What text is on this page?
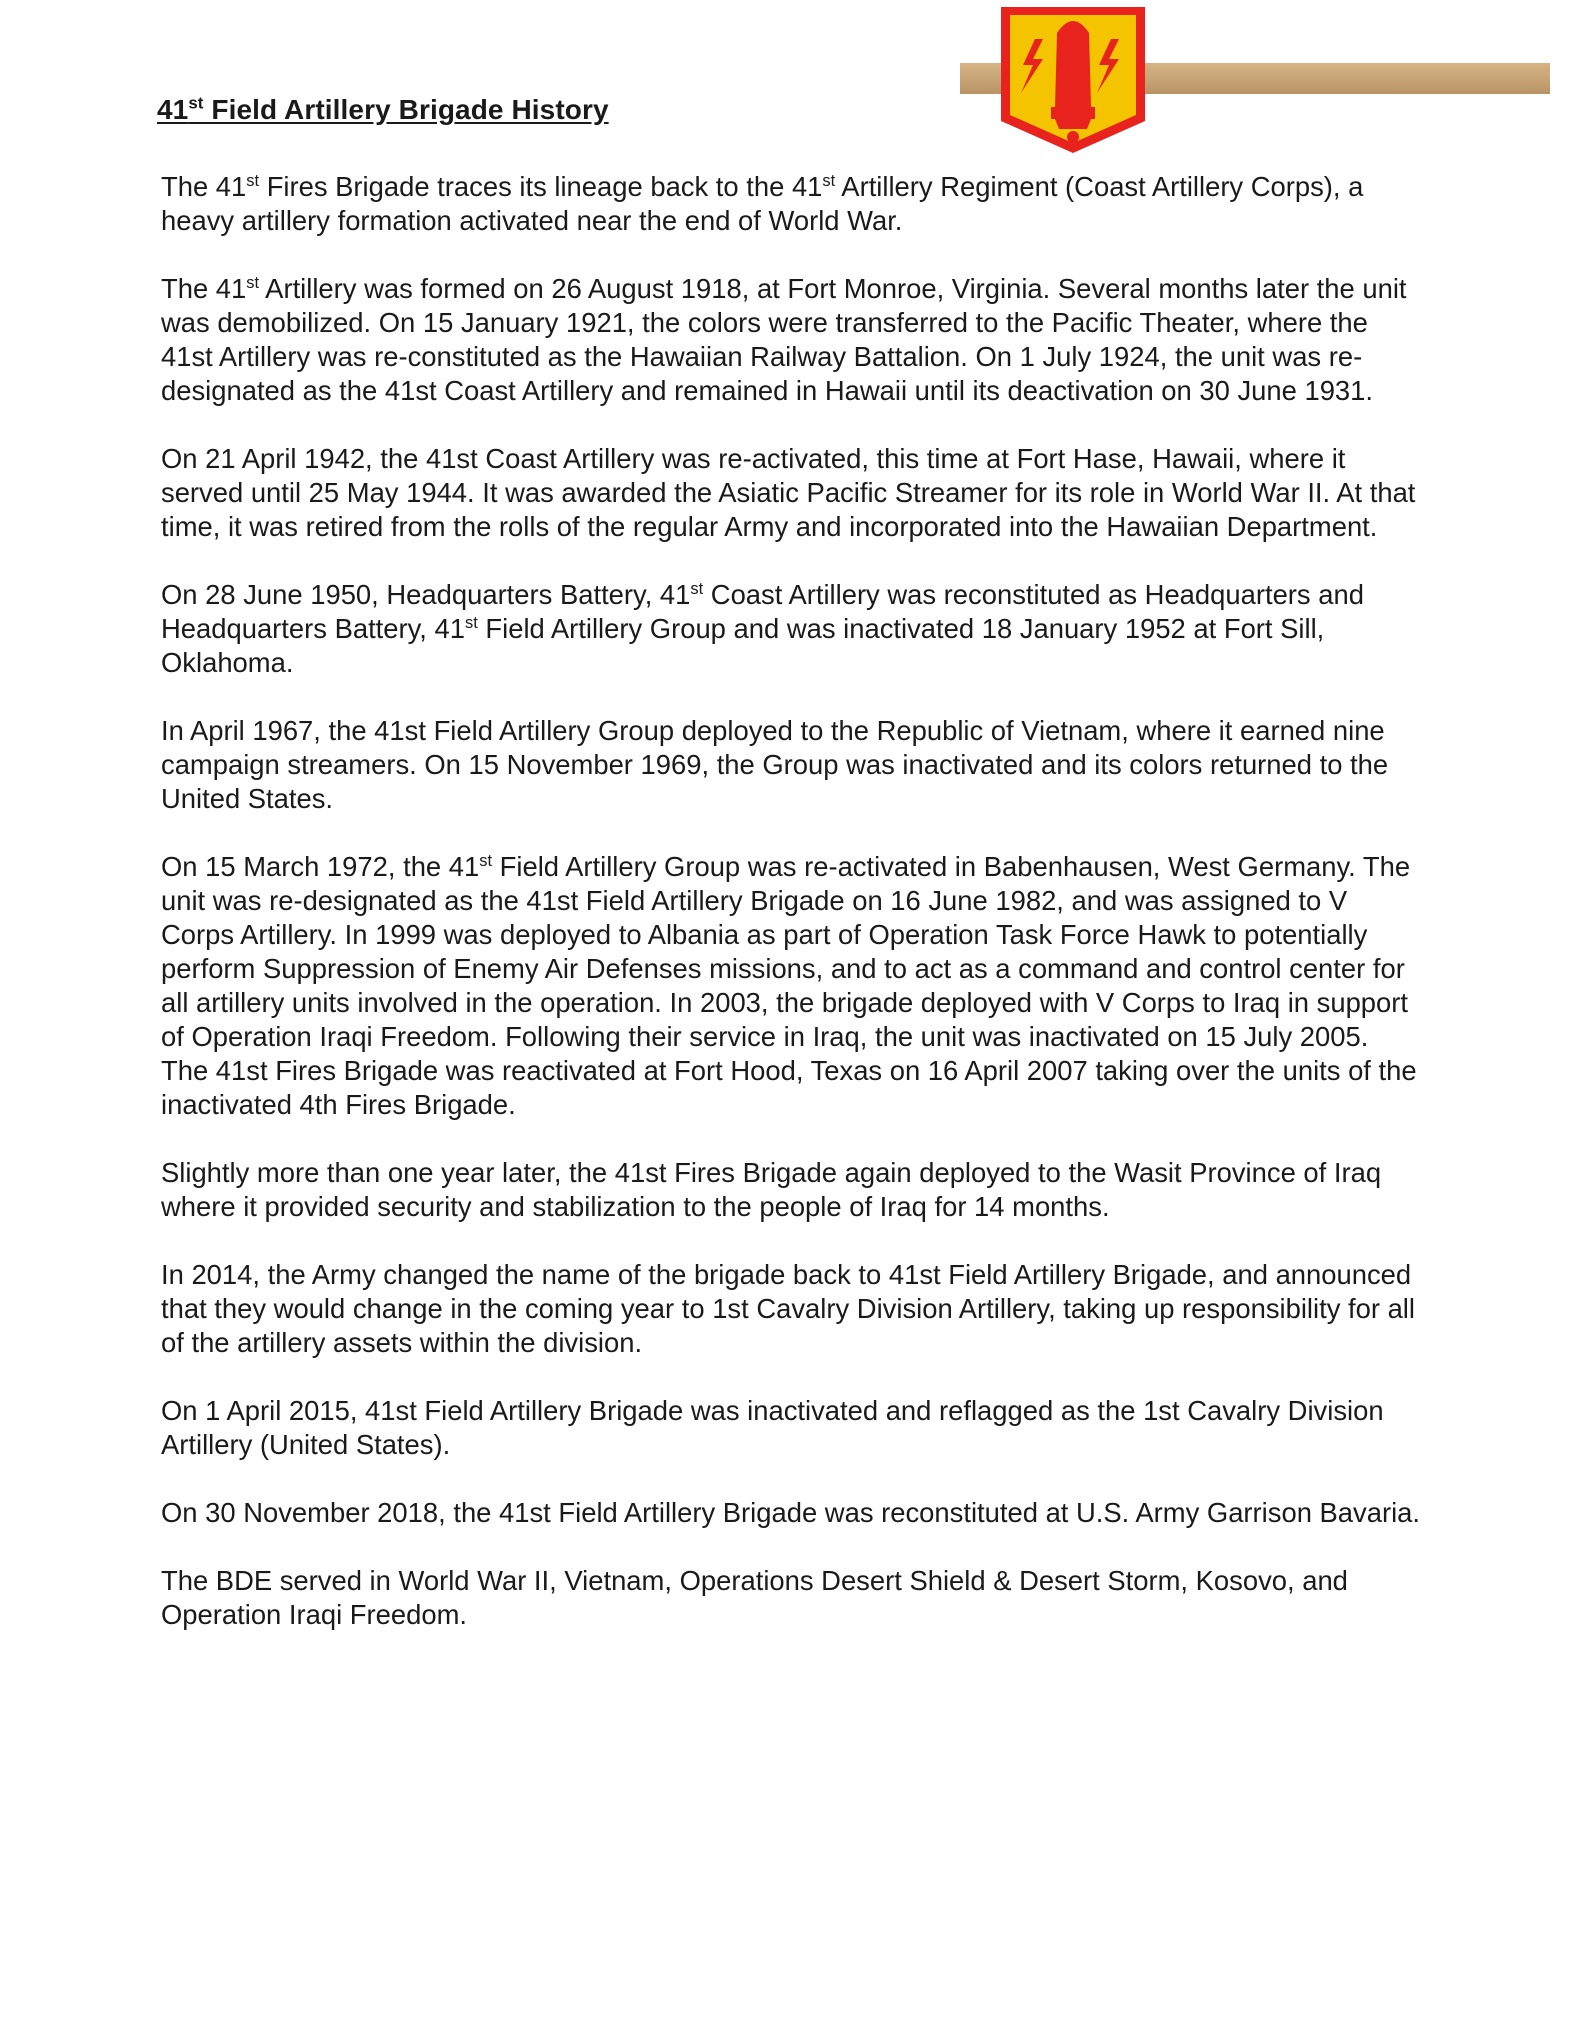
41st Field Artillery Brigade History

The 41st Fires Brigade traces its lineage back to the 41st Artillery Regiment (Coast Artillery Corps), a heavy artillery formation activated near the end of World War.

The 41st Artillery was formed on 26 August 1918, at Fort Monroe, Virginia. Several months later the unit was demobilized. On 15 January 1921, the colors were transferred to the Pacific Theater, where the 41st Artillery was re-constituted as the Hawaiian Railway Battalion. On 1 July 1924, the unit was re-designated as the 41st Coast Artillery and remained in Hawaii until its deactivation on 30 June 1931.

On 21 April 1942, the 41st Coast Artillery was re-activated, this time at Fort Hase, Hawaii, where it served until 25 May 1944. It was awarded the Asiatic Pacific Streamer for its role in World War II. At that time, it was retired from the rolls of the regular Army and incorporated into the Hawaiian Department.

On 28 June 1950, Headquarters Battery, 41st Coast Artillery was reconstituted as Headquarters and Headquarters Battery, 41st Field Artillery Group and was inactivated 18 January 1952 at Fort Sill, Oklahoma.

In April 1967, the 41st Field Artillery Group deployed to the Republic of Vietnam, where it earned nine campaign streamers. On 15 November 1969, the Group was inactivated and its colors returned to the United States.

On 15 March 1972, the 41st Field Artillery Group was re-activated in Babenhausen, West Germany. The unit was re-designated as the 41st Field Artillery Brigade on 16 June 1982, and was assigned to V Corps Artillery. In 1999 was deployed to Albania as part of Operation Task Force Hawk to potentially perform Suppression of Enemy Air Defenses missions, and to act as a command and control center for all artillery units involved in the operation. In 2003, the brigade deployed with V Corps to Iraq in support of Operation Iraqi Freedom. Following their service in Iraq, the unit was inactivated on 15 July 2005. The 41st Fires Brigade was reactivated at Fort Hood, Texas on 16 April 2007 taking over the units of the inactivated 4th Fires Brigade.

Slightly more than one year later, the 41st Fires Brigade again deployed to the Wasit Province of Iraq where it provided security and stabilization to the people of Iraq for 14 months.

In 2014, the Army changed the name of the brigade back to 41st Field Artillery Brigade, and announced that they would change in the coming year to 1st Cavalry Division Artillery, taking up responsibility for all of the artillery assets within the division.

On 1 April 2015, 41st Field Artillery Brigade was inactivated and reflagged as the 1st Cavalry Division Artillery (United States).

On 30 November 2018, the 41st Field Artillery Brigade was reconstituted at U.S. Army Garrison Bavaria.

The BDE served in World War II, Vietnam, Operations Desert Shield & Desert Storm, Kosovo, and Operation Iraqi Freedom.
